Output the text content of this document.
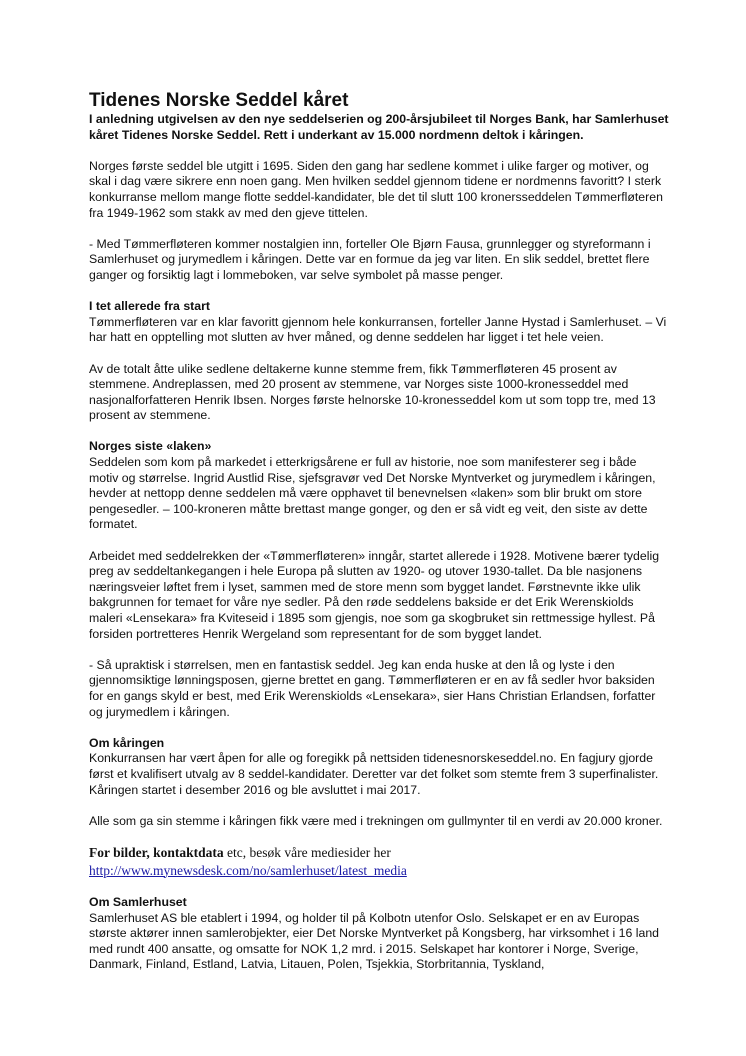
Tidenes Norske Seddel kåret

I anledning utgivelsen av den nye seddelserien og 200-årsjubileet til Norges Bank, har Samlerhuset kåret Tidenes Norske Seddel. Rett i underkant av 15.000 nordmenn deltok i kåringen.

Norges første seddel ble utgitt i 1695. Siden den gang har sedlene kommet i ulike farger og motiver, og skal i dag være sikrere enn noen gang. Men hvilken seddel gjennom tidene er nordmenns favoritt? I sterk konkurranse mellom mange flotte seddel-kandidater, ble det til slutt 100 kronersseddelen Tømmerfløteren fra 1949-1962 som stakk av med den gjeve tittelen.

- Med Tømmerfløteren kommer nostalgien inn, forteller Ole Bjørn Fausa, grunnlegger og styreformann i Samlerhuset og jurymedlem i kåringen. Dette var en formue da jeg var liten. En slik seddel, brettet flere ganger og forsiktig lagt i lommeboken, var selve symbolet på masse penger.

I tet allerede fra start

Tømmerfløteren var en klar favoritt gjennom hele konkurransen, forteller Janne Hystad i Samlerhuset. – Vi har hatt en opptelling mot slutten av hver måned, og denne seddelen har ligget i tet hele veien.

Av de totalt åtte ulike sedlene deltakerne kunne stemme frem, fikk Tømmerfløteren 45 prosent av stemmene. Andreplassen, med 20 prosent av stemmene, var Norges siste 1000-kronesseddel med nasjonalforfatteren Henrik Ibsen. Norges første helnorske 10-kronesseddel kom ut som topp tre, med 13 prosent av stemmene.

Norges siste «laken»

Seddelen som kom på markedet i etterkrigsårene er full av historie, noe som manifesterer seg i både motiv og størrelse. Ingrid Austlid Rise, sjefsgravør ved Det Norske Myntverket og jurymedlem i kåringen, hevder at nettopp denne seddelen må være opphavet til benevnelsen «laken» som blir brukt om store pengesedler. – 100-kroneren måtte brettast mange gonger, og den er så vidt eg veit, den siste av dette formatet.

Arbeidet med seddelrekken der «Tømmerfløteren» inngår, startet allerede i 1928. Motivene bærer tydelig preg av seddeltankegangen i hele Europa på slutten av 1920- og utover 1930-tallet. Da ble nasjonens næringsveier løftet frem i lyset, sammen med de store menn som bygget landet. Førstnevnte ikke ulik bakgrunnen for temaet for våre nye sedler. På den røde seddelens bakside er det Erik Werenskiolds maleri «Lensekara» fra Kviteseid i 1895 som gjengis, noe som ga skogbruket sin rettmessige hyllest. På forsiden portretteres Henrik Wergeland som representant for de som bygget landet.

- Så upraktisk i størrelsen, men en fantastisk seddel. Jeg kan enda huske at den lå og lyste i den gjennomsiktige lønningsposen, gjerne brettet en gang. Tømmerfløteren er en av få sedler hvor baksiden for en gangs skyld er best, med Erik Werenskiolds «Lensekara», sier Hans Christian Erlandsen, forfatter og jurymedlem i kåringen.

Om kåringen

Konkurransen har vært åpen for alle og foregikk på nettsiden tidenesnorskeseddel.no. En fagjury gjorde først et kvalifisert utvalg av 8 seddel-kandidater. Deretter var det folket som stemte frem 3 superfinalister. Kåringen startet i desember 2016 og ble avsluttet i mai 2017.

Alle som ga sin stemme i kåringen fikk være med i trekningen om gullmynter til en verdi av 20.000 kroner.

For bilder, kontaktdata etc, besøk våre mediesider her
http://www.mynewsdesk.com/no/samlerhuset/latest_media
Om Samlerhuset

Samlerhuset AS ble etablert i 1994, og holder til på Kolbotn utenfor Oslo. Selskapet er en av Europas største aktører innen samlerobjekter, eier Det Norske Myntverket på Kongsberg, har virksomhet i 16 land med rundt 400 ansatte, og omsatte for NOK 1,2 mrd. i 2015. Selskapet har kontorer i Norge, Sverige, Danmark, Finland, Estland, Latvia, Litauen, Polen, Tsjekkia, Storbritannia, Tyskland,
